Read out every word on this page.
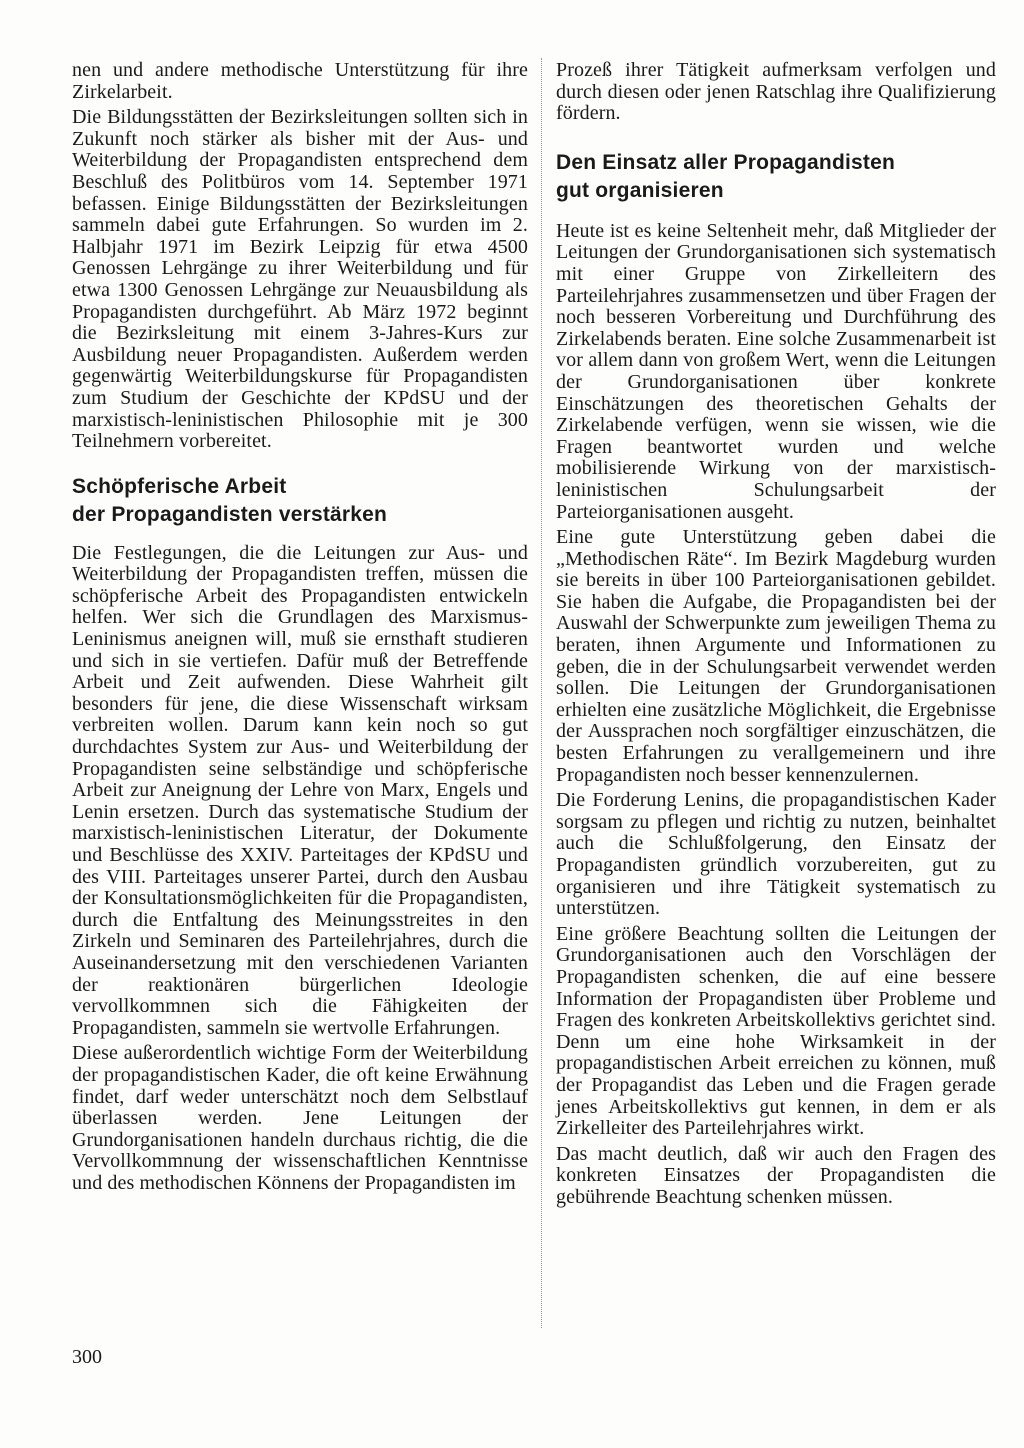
nen und andere methodische Unterstützung für ihre Zirkelarbeit.

Die Bildungsstätten der Bezirksleitungen sollten sich in Zukunft noch stärker als bisher mit der Aus- und Weiterbildung der Propagandisten entsprechend dem Beschluß des Politbüros vom 14. September 1971 befassen. Einige Bildungsstätten der Bezirksleitungen sammeln dabei gute Erfahrungen. So wurden im 2. Halbjahr 1971 im Bezirk Leipzig für etwa 4500 Genossen Lehrgänge zu ihrer Weiterbildung und für etwa 1300 Genossen Lehrgänge zur Neuausbildung als Propagandisten durchgeführt. Ab März 1972 beginnt die Bezirksleitung mit einem 3-Jahres-Kurs zur Ausbildung neuer Propagandisten. Außerdem werden gegenwärtig Weiterbildungskurse für Propagandisten zum Studium der Geschichte der KPdSU und der marxistisch-leninistischen Philosophie mit je 300 Teilnehmern vorbereitet.

Schöpferische Arbeit
der Propagandisten verstärken

Die Festlegungen, die die Leitungen zur Aus- und Weiterbildung der Propagandisten treffen, müssen die schöpferische Arbeit des Propagandisten entwickeln helfen. Wer sich die Grundlagen des Marxismus-Leninismus aneignen will, muß sie ernsthaft studieren und sich in sie vertiefen. Dafür muß der Betreffende Arbeit und Zeit aufwenden. Diese Wahrheit gilt besonders für jene, die diese Wissenschaft wirksam verbreiten wollen. Darum kann kein noch so gut durchdachtes System zur Aus- und Weiterbildung der Propagandisten seine selbständige und schöpferische Arbeit zur Aneignung der Lehre von Marx, Engels und Lenin ersetzen. Durch das systematische Studium der marxistisch-leninistischen Literatur, der Dokumente und Beschlüsse des XXIV. Parteitages der KPdSU und des VIII. Parteitages unserer Partei, durch den Ausbau der Konsultationsmöglichkeiten für die Propagandisten, durch die Entfaltung des Meinungsstreites in den Zirkeln und Seminaren des Parteilehrjahres, durch die Auseinandersetzung mit den verschiedenen Varianten der reaktionären bürgerlichen Ideologie vervollkommnen sich die Fähigkeiten der Propagandisten, sammeln sie wertvolle Erfahrungen.

Diese außerordentlich wichtige Form der Weiterbildung der propagandistischen Kader, die oft keine Erwähnung findet, darf weder unterschätzt noch dem Selbstlauf überlassen werden. Jene Leitungen der Grundorganisationen handeln durchaus richtig, die die Vervollkommnung der wissenschaftlichen Kenntnisse und des methodischen Könnens der Propagandisten im

Prozeß ihrer Tätigkeit aufmerksam verfolgen und durch diesen oder jenen Ratschlag ihre Qualifizierung fördern.

Den Einsatz aller Propagandisten
gut organisieren

Heute ist es keine Seltenheit mehr, daß Mitglieder der Leitungen der Grundorganisationen sich systematisch mit einer Gruppe von Zirkelleitern des Parteilehrjahres zusammensetzen und über Fragen der noch besseren Vorbereitung und Durchführung des Zirkelabends beraten. Eine solche Zusammenarbeit ist vor allem dann von großem Wert, wenn die Leitungen der Grundorganisationen über konkrete Einschätzungen des theoretischen Gehalts der Zirkelabende verfügen, wenn sie wissen, wie die Fragen beantwortet wurden und welche mobilisierende Wirkung von der marxistisch-leninistischen Schulungsarbeit der Parteiorganisationen ausgeht.

Eine gute Unterstützung geben dabei die „Methodischen Räte“. Im Bezirk Magdeburg wurden sie bereits in über 100 Parteiorganisationen gebildet. Sie haben die Aufgabe, die Propagandisten bei der Auswahl der Schwerpunkte zum jeweiligen Thema zu beraten, ihnen Argumente und Informationen zu geben, die in der Schulungsarbeit verwendet werden sollen. Die Leitungen der Grundorganisationen erhielten eine zusätzliche Möglichkeit, die Ergebnisse der Aussprachen noch sorgfältiger einzuschätzen, die besten Erfahrungen zu verallgemeinern und ihre Propagandisten noch besser kennenzulernen.

Die Forderung Lenins, die propagandistischen Kader sorgsam zu pflegen und richtig zu nutzen, beinhaltet auch die Schlußfolgerung, den Einsatz der Propagandisten gründlich vorzubereiten, gut zu organisieren und ihre Tätigkeit systematisch zu unterstützen.

Eine größere Beachtung sollten die Leitungen der Grundorganisationen auch den Vorschlägen der Propagandisten schenken, die auf eine bessere Information der Propagandisten über Probleme und Fragen des konkreten Arbeitskollektivs gerichtet sind. Denn um eine hohe Wirksamkeit in der propagandistischen Arbeit erreichen zu können, muß der Propagandist das Leben und die Fragen gerade jenes Arbeitskollektivs gut kennen, in dem er als Zirkelleiter des Parteilehrjahres wirkt.

Das macht deutlich, daß wir auch den Fragen des konkreten Einsatzes der Propagandisten die gebührende Beachtung schenken müssen.

300
